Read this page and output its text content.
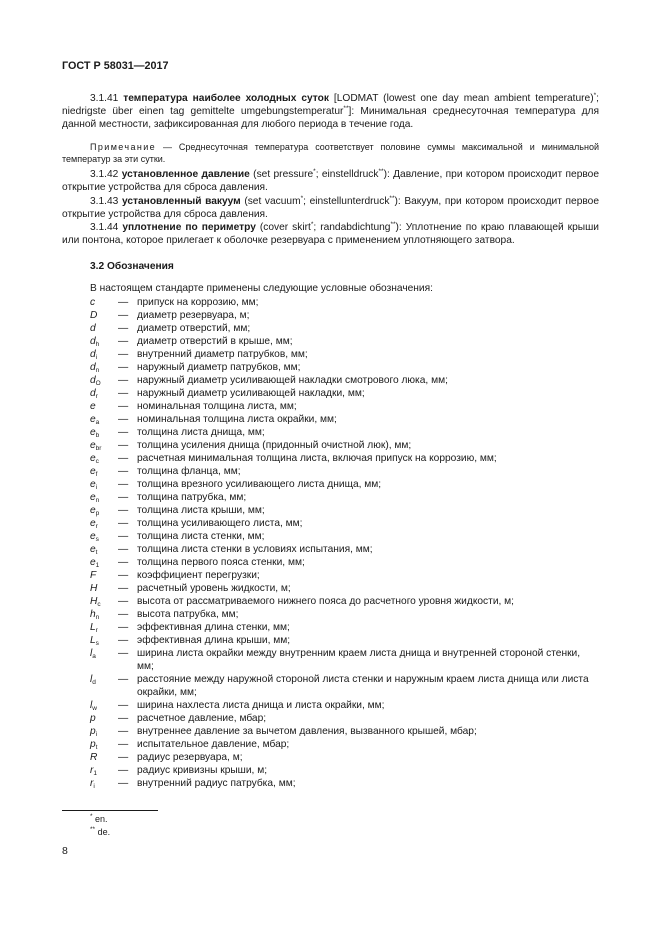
ГОСТ Р 58031—2017

3.1.41 температура наиболее холодных суток [LODMAT (lowest one day mean ambient temperature)*; niedrigste über einen tag gemittelte umgebungstemperatur**]: Минимальная среднесуточная температура для данной местности, зафиксированная для любого периода в течение года.

Примечание — Среднесуточная температура соответствует половине суммы максимальной и минимальной температур за эти сутки.

3.1.42 установленное давление (set pressure*; einstelldruck**): Давление, при котором происходит первое открытие устройства для сброса давления.

3.1.43 установленный вакуум (set vacuum*; einstellunterdruck**): Вакуум, при котором происходит первое открытие устройства для сброса давления.

3.1.44 уплотнение по периметру (cover skirt*; randabdichtung**): Уплотнение по краю плавающей крыши или понтона, которое прилегает к оболочке резервуара с применением уплотняющего затвора.

3.2 Обозначения
В настоящем стандарте применены следующие условные обозначения:
c	— припуск на коррозию, мм;
D	— диаметр резервуара, м;
d	— диаметр отверстий, мм;
$d_h$	— диаметр отверстий в крыше, мм;
$d_i$	— внутренний диаметр патрубков, мм;
$d_n$	— наружный диаметр патрубков, мм;
$d_O$	— наружный диаметр усиливающей накладки смотрового люка, мм;
$d_r$	— наружный диаметр усиливающей накладки, мм;
e	— номинальная толщина листа, мм;
$e_a$	— номинальная толщина листа окрайки, мм;
$e_b$	— толщина листа днища, мм;
$e_{br}$	— толщина усиления днища (придонный очистной люк), мм;
$e_c$	— расчетная минимальная толщина листа, включая припуск на коррозию, мм;
$e_f$	— толщина фланца, мм;
$e_i$	— толщина врезного усиливающего листа днища, мм;
$e_n$	— толщина патрубка, мм;
$e_p$	— толщина листа крыши, мм;
$e_r$	— толщина усиливающего листа, мм;
$e_s$	— толщина листа стенки, мм;
$e_t$	— толщина листа стенки в условиях испытания, мм;
$e_1$	— толщина первого пояса стенки, мм;
F	— коэффициент перегрузки;
H	— расчетный уровень жидкости, м;
$H_c$	— высота от рассматриваемого нижнего пояса до расчетного уровня жидкости, м;
$h_n$	— высота патрубка, мм;
$L_r$	— эффективная длина стенки, мм;
$L_s$	— эффективная длина крыши, мм;
$l_a$	— ширина листа окрайки между внутренним краем листа днища и внутренней стороной стенки, мм;
$l_d$	— расстояние между наружной стороной листа стенки и наружным краем листа днища или листа окрайки, мм;
$l_w$	— ширина нахлеста листа днища и листа окрайки, мм;
p	— расчетное давление, мбар;
$p_i$	— внутреннее давление за вычетом давления, вызванного крышей, мбар;
$p_t$	— испытательное давление, мбар;
R	— радиус резервуара, м;
$r_1$	— радиус кривизны крыши, м;
$r_i$	— внутренний радиус патрубка, мм;
* en.
** de.
8
